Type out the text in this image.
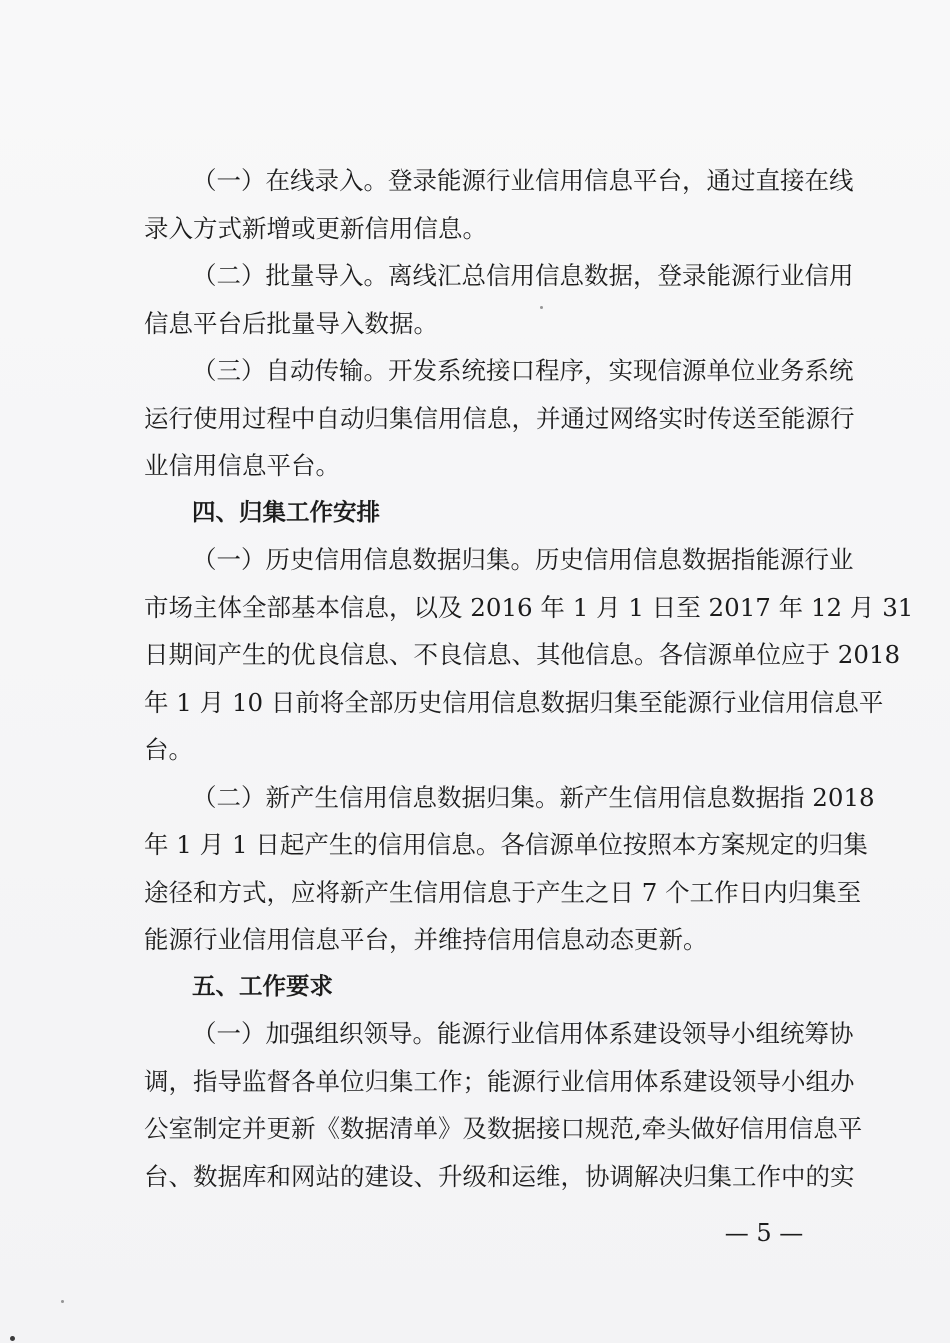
（一）在线录入。登录能源行业信用信息平台，通过直接在线
录入方式新增或更新信用信息。
（二）批量导入。离线汇总信用信息数据，登录能源行业信用
信息平台后批量导入数据。
（三）自动传输。开发系统接口程序，实现信源单位业务系统
运行使用过程中自动归集信用信息，并通过网络实时传送至能源行
业信用信息平台。
四、归集工作安排
（一）历史信用信息数据归集。历史信用信息数据指能源行业
市场主体全部基本信息，以及 2016 年 1 月 1 日至 2017 年 12 月 31
日期间产生的优良信息、不良信息、其他信息。各信源单位应于 2018
年 1 月 10 日前将全部历史信用信息数据归集至能源行业信用信息平
台。
（二）新产生信用信息数据归集。新产生信用信息数据指 2018
年 1 月 1 日起产生的信用信息。各信源单位按照本方案规定的归集
途径和方式，应将新产生信用信息于产生之日 7 个工作日内归集至
能源行业信用信息平台，并维持信用信息动态更新。
五、工作要求
（一）加强组织领导。能源行业信用体系建设领导小组统筹协
调，指导监督各单位归集工作；能源行业信用体系建设领导小组办
公室制定并更新《数据清单》及数据接口规范,牵头做好信用信息平
台、数据库和网站的建设、升级和运维，协调解决归集工作中的实
— 5 —
